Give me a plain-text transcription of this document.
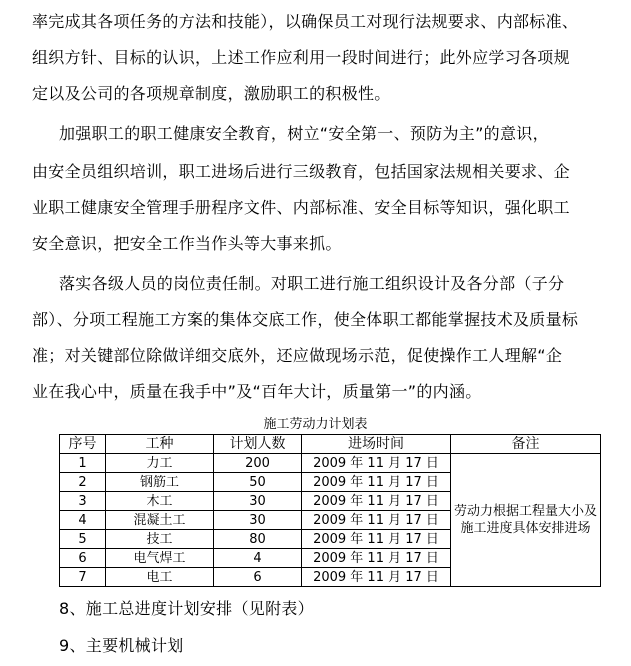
率完成其各项任务的方法和技能），以确保员工对现行法规要求、内部标准、
组织方针、目标的认识，上述工作应利用一段时间进行；此外应学习各项规
定以及公司的各项规章制度，激励职工的积极性。
加强职工的职工健康安全教育，树立“安全第一、预防为主”的意识，
由安全员组织培训，职工进场后进行三级教育，包括国家法规相关要求、企
业职工健康安全管理手册程序文件、内部标准、安全目标等知识，强化职工
安全意识，把安全工作当作头等大事来抓。
落实各级人员的岗位责任制。对职工进行施工组织设计及各分部（子分
部）、分项工程施工方案的集体交底工作，使全体职工都能掌握技术及质量标
准；对关键部位除做详细交底外，还应做现场示范，促使操作工人理解“企
业在我心中，质量在我手中”及“百年大计，质量第一”的内涵。
施工劳动力计划表
序号	工种	计划人数	进场时间	备注
1	力工	200	2009 年 11 月 17 日	劳动力根据工程量大小及施工进度具体安排进场
2	钢筋工	50	2009 年 11 月 17 日	
3	木工	30	2009 年 11 月 17 日	
4	混凝土工	30	2009 年 11 月 17 日	
5	技工	80	2009 年 11 月 17 日	
6	电气焊工	4	2009 年 11 月 17 日	
7	电工	6	2009 年 11 月 17 日	
8、施工总进度计划安排（见附表）
9、主要机械计划
